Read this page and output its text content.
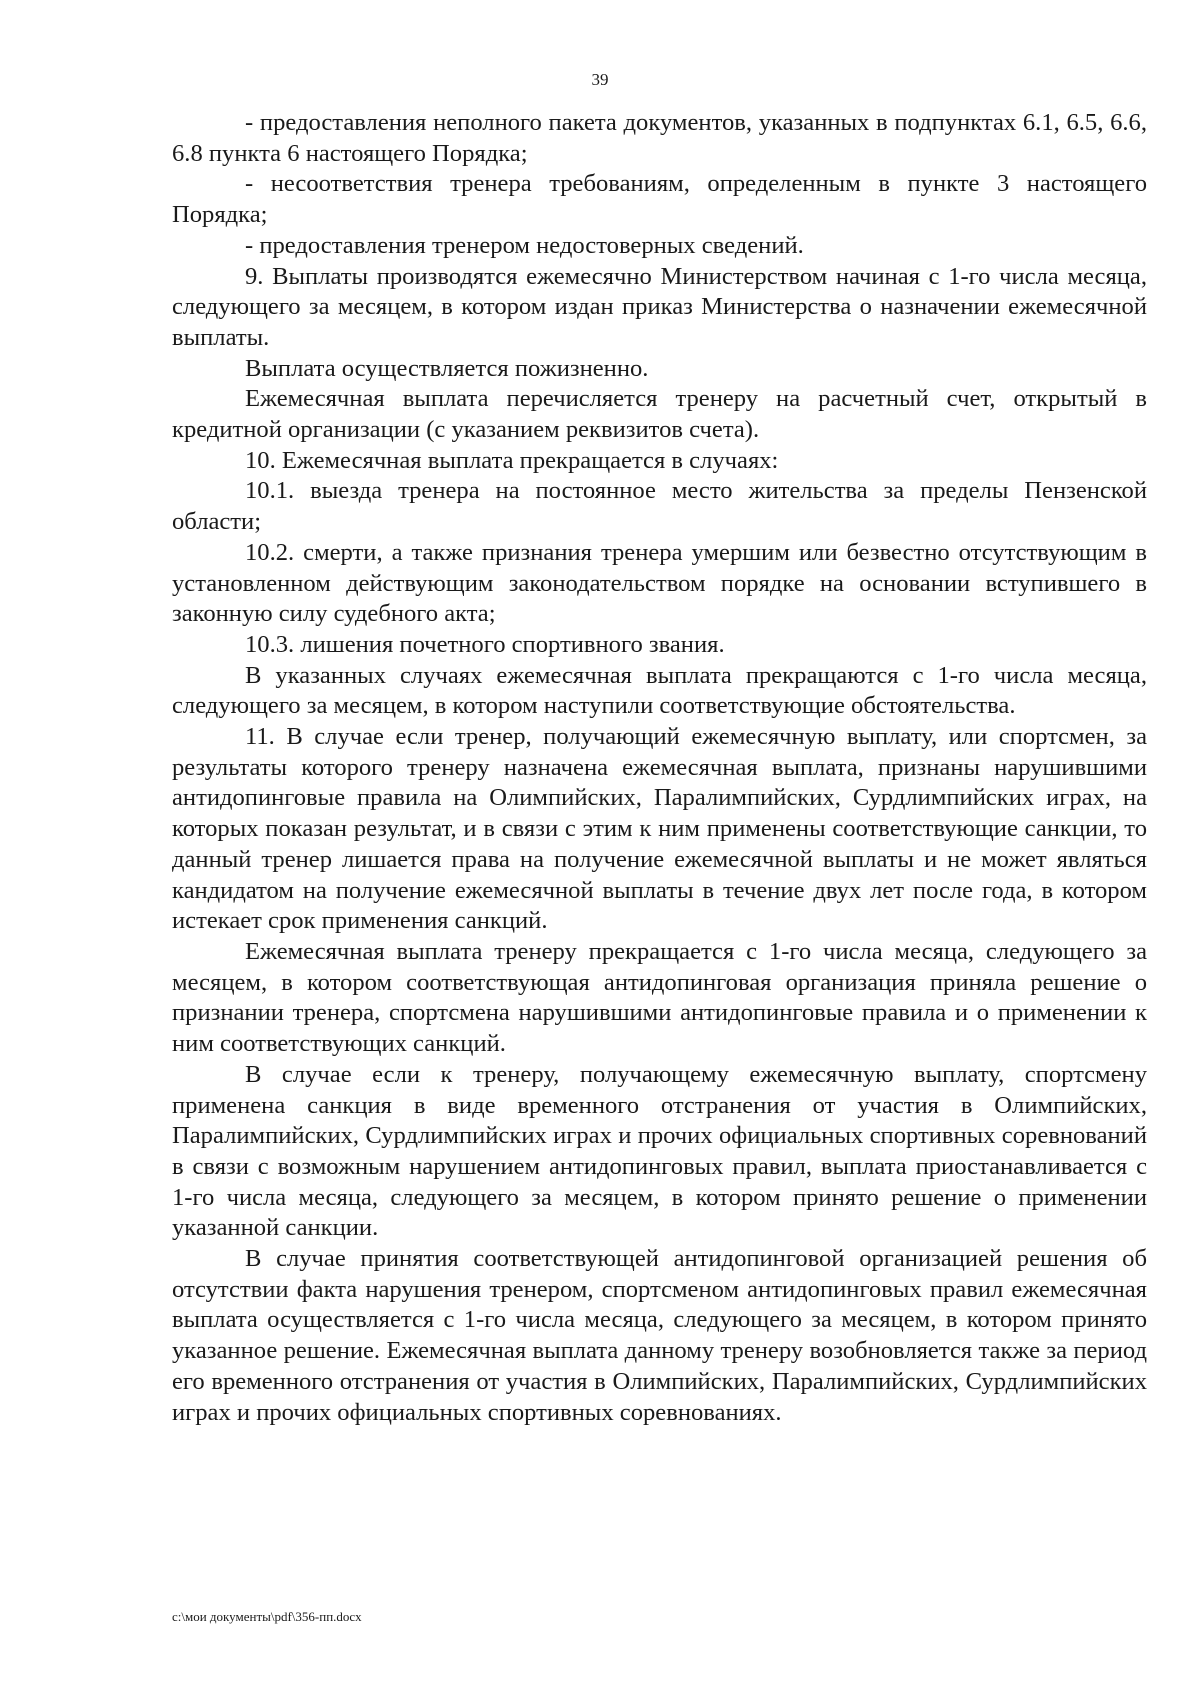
39

- предоставления неполного пакета документов, указанных в подпунктах 6.1, 6.5, 6.6, 6.8 пункта 6 настоящего Порядка;

- несоответствия тренера требованиям, определенным в пункте 3 настоящего Порядка;

- предоставления тренером недостоверных сведений.

9. Выплаты производятся ежемесячно Министерством начиная с 1-го числа месяца, следующего за месяцем, в котором издан приказ Министерства о назначении ежемесячной выплаты.

Выплата осуществляется пожизненно.

Ежемесячная выплата перечисляется тренеру на расчетный счет, открытый в кредитной организации (с указанием реквизитов счета).

10. Ежемесячная выплата прекращается в случаях:

10.1. выезда тренера на постоянное место жительства за пределы Пензенской области;

10.2. смерти, а также признания тренера умершим или безвестно отсутствующим в установленном действующим законодательством порядке на основании вступившего в законную силу судебного акта;

10.3. лишения почетного спортивного звания.

В указанных случаях ежемесячная выплата прекращаются с 1-го числа месяца, следующего за месяцем, в котором наступили соответствующие обстоятельства.

11. В случае если тренер, получающий ежемесячную выплату, или спортсмен, за результаты которого тренеру назначена ежемесячная выплата, признаны нарушившими антидопинговые правила на Олимпийских, Паралимпийских, Сурдлимпийских играх, на которых показан результат, и в связи с этим к ним применены соответствующие санкции, то данный тренер лишается права на получение ежемесячной выплаты и не может являться кандидатом на получение ежемесячной выплаты в течение двух лет после года, в котором истекает срок применения санкций.

Ежемесячная выплата тренеру прекращается с 1-го числа месяца, следующего за месяцем, в котором соответствующая антидопинговая организация приняла решение о признании тренера, спортсмена нарушившими антидопинговые правила и о применении к ним соответствующих санкций.

В случае если к тренеру, получающему ежемесячную выплату, спортсмену применена санкция в виде временного отстранения от участия в Олимпийских, Паралимпийских, Сурдлимпийских играх и прочих официальных спортивных соревнований в связи с возможным нарушением антидопинговых правил, выплата приостанавливается с 1-го числа месяца, следующего за месяцем, в котором принято решение о применении указанной санкции.

В случае принятия соответствующей антидопинговой организацией решения об отсутствии факта нарушения тренером, спортсменом антидопинговых правил ежемесячная выплата осуществляется с 1-го числа месяца, следующего за месяцем, в котором принято указанное решение. Ежемесячная выплата данному тренеру возобновляется также за период его временного отстранения от участия в Олимпийских, Паралимпийских, Сурдлимпийских играх и прочих официальных спортивных соревнованиях.

c:\мои документы\pdf\356-пп.docx
